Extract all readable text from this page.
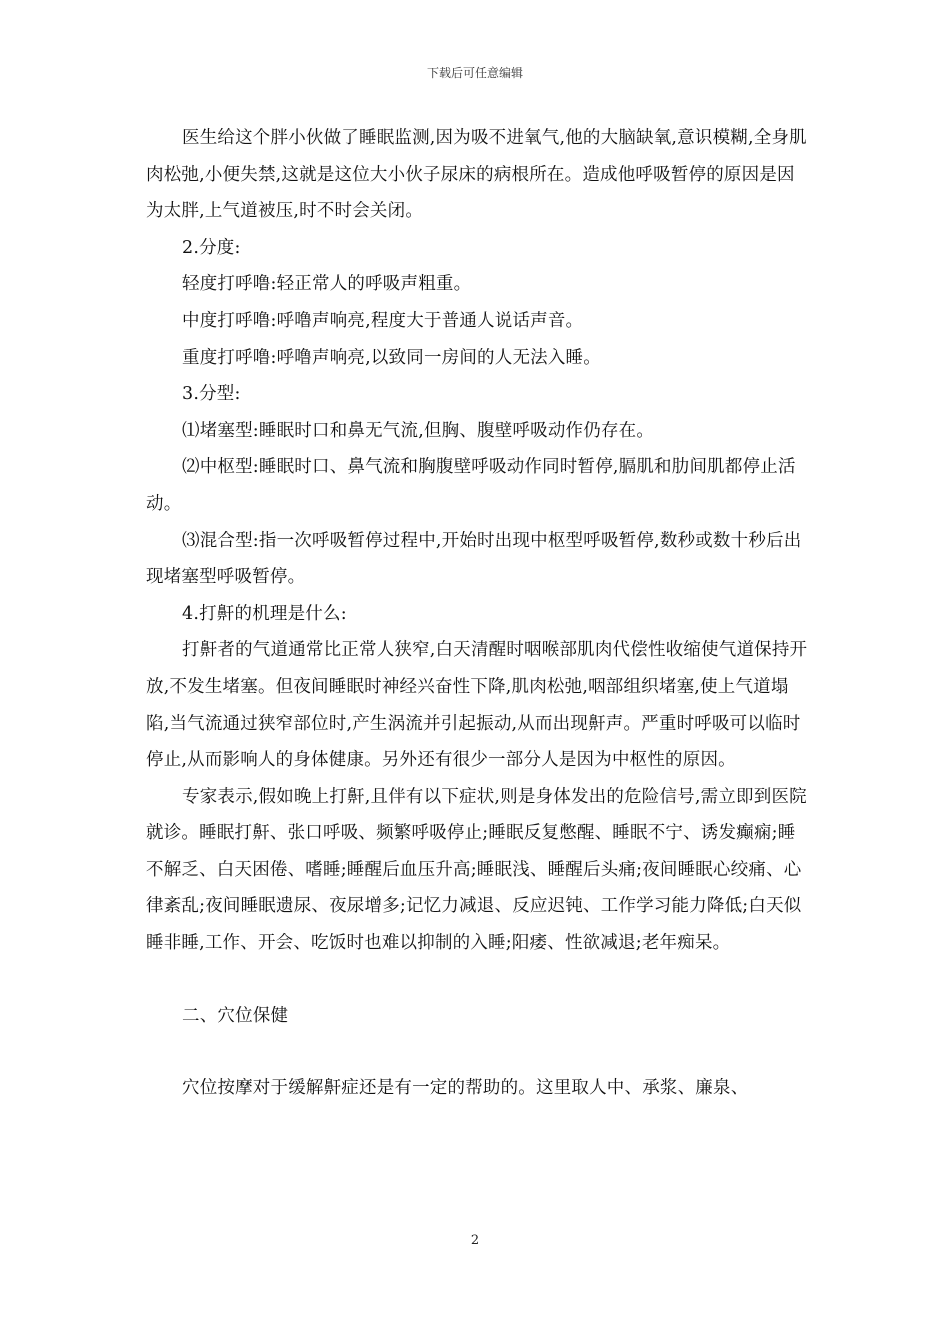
下载后可任意编辑

医生给这个胖小伙做了睡眠监测,因为吸不进氧气,他的大脑缺氧,意识模糊,全身肌肉松弛,小便失禁,这就是这位大小伙子尿床的病根所在。造成他呼吸暂停的原因是因为太胖,上气道被压,时不时会关闭。

2.分度:

轻度打呼噜:轻正常人的呼吸声粗重。

中度打呼噜:呼噜声响亮,程度大于普通人说话声音。

重度打呼噜:呼噜声响亮,以致同一房间的人无法入睡。

3.分型:

⑴堵塞型:睡眠时口和鼻无气流,但胸、腹壁呼吸动作仍存在。

⑵中枢型:睡眠时口、鼻气流和胸腹壁呼吸动作同时暂停,膈肌和肋间肌都停止活动。

⑶混合型:指一次呼吸暂停过程中,开始时出现中枢型呼吸暂停,数秒或数十秒后出现堵塞型呼吸暂停。

4.打鼾的机理是什么:

打鼾者的气道通常比正常人狭窄,白天清醒时咽喉部肌肉代偿性收缩使气道保持开放,不发生堵塞。但夜间睡眠时神经兴奋性下降,肌肉松弛,咽部组织堵塞,使上气道塌陷,当气流通过狭窄部位时,产生涡流并引起振动,从而出现鼾声。严重时呼吸可以临时停止,从而影响人的身体健康。另外还有很少一部分人是因为中枢性的原因。

专家表示,假如晚上打鼾,且伴有以下症状,则是身体发出的危险信号,需立即到医院就诊。睡眠打鼾、张口呼吸、频繁呼吸停止;睡眠反复憋醒、睡眠不宁、诱发癫痫;睡不解乏、白天困倦、嗜睡;睡醒后血压升高;睡眠浅、睡醒后头痛;夜间睡眠心绞痛、心律紊乱;夜间睡眠遗尿、夜尿增多;记忆力减退、反应迟钝、工作学习能力降低;白天似睡非睡,工作、开会、吃饭时也难以抑制的入睡;阳痿、性欲减退;老年痴呆。

二、穴位保健

穴位按摩对于缓解鼾症还是有一定的帮助的。这里取人中、承浆、廉泉、

2
